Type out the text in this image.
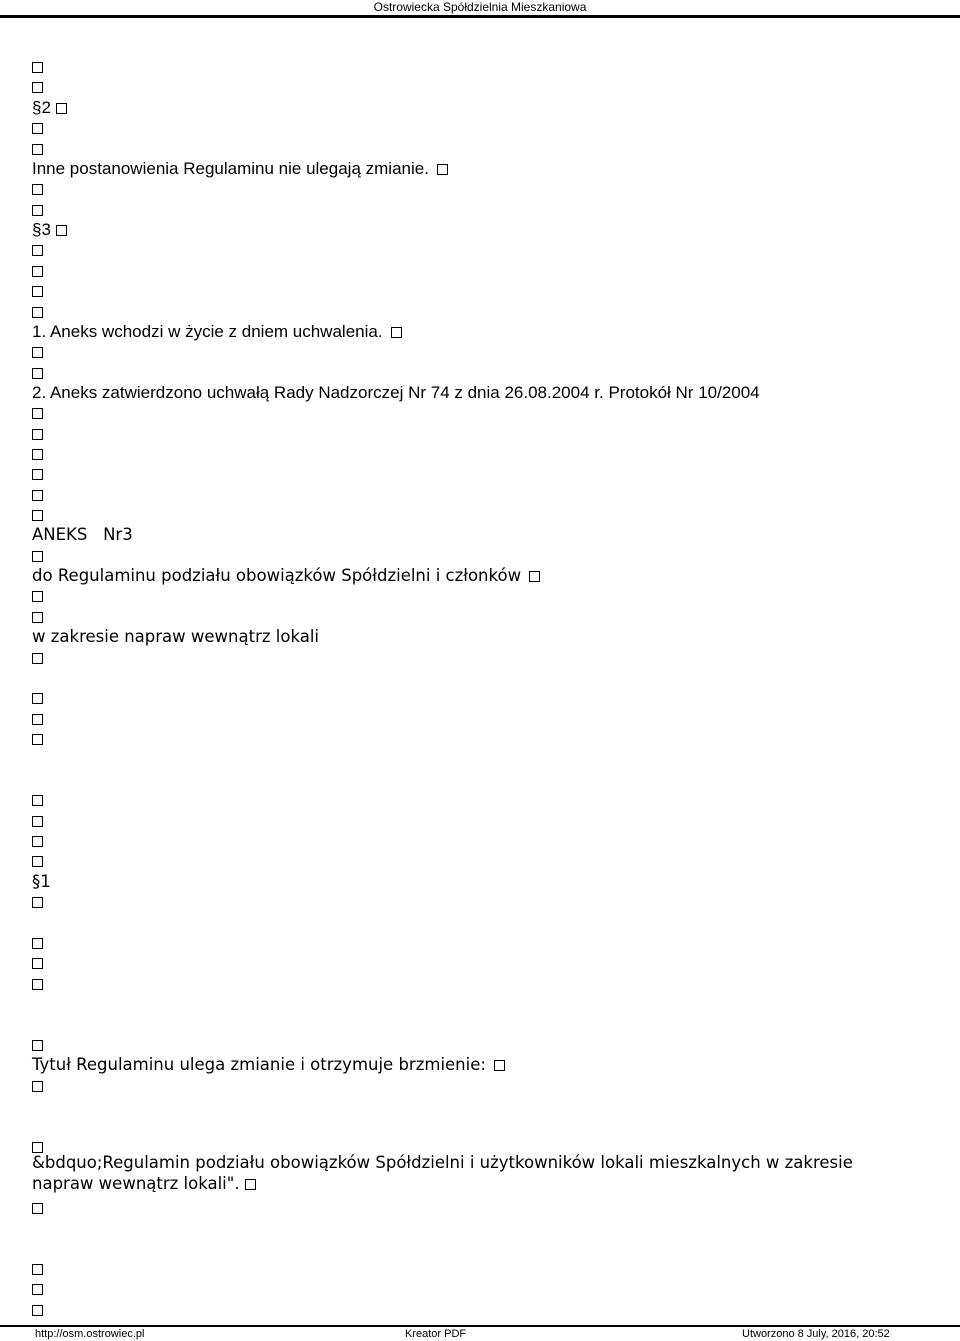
Ostrowiecka Spółdzielnia Mieszkaniowa
§2
Inne postanowienia Regulaminu nie ulegają zmianie.
§3
1. Aneks wchodzi w życie z dniem uchwalenia.
2. Aneks zatwierdzono uchwałą Rady Nadzorczej Nr 74 z dnia 26.08.2004 r. Protokół Nr 10/2004
ANEKS   Nr3
do Regulaminu podziału obowiązków Spółdzielni i członków
w zakresie napraw wewnątrz lokali
§1
Tytuł Regulaminu ulega zmianie i otrzymuje brzmienie:
&bdquo;Regulamin podziału obowiązków Spółdzielni i użytkowników lokali mieszkalnych w zakresie napraw wewnątrz lokali".
http://osm.ostrowiec.pl	Kreator PDF	Utworzono 8 July, 2016, 20:52
